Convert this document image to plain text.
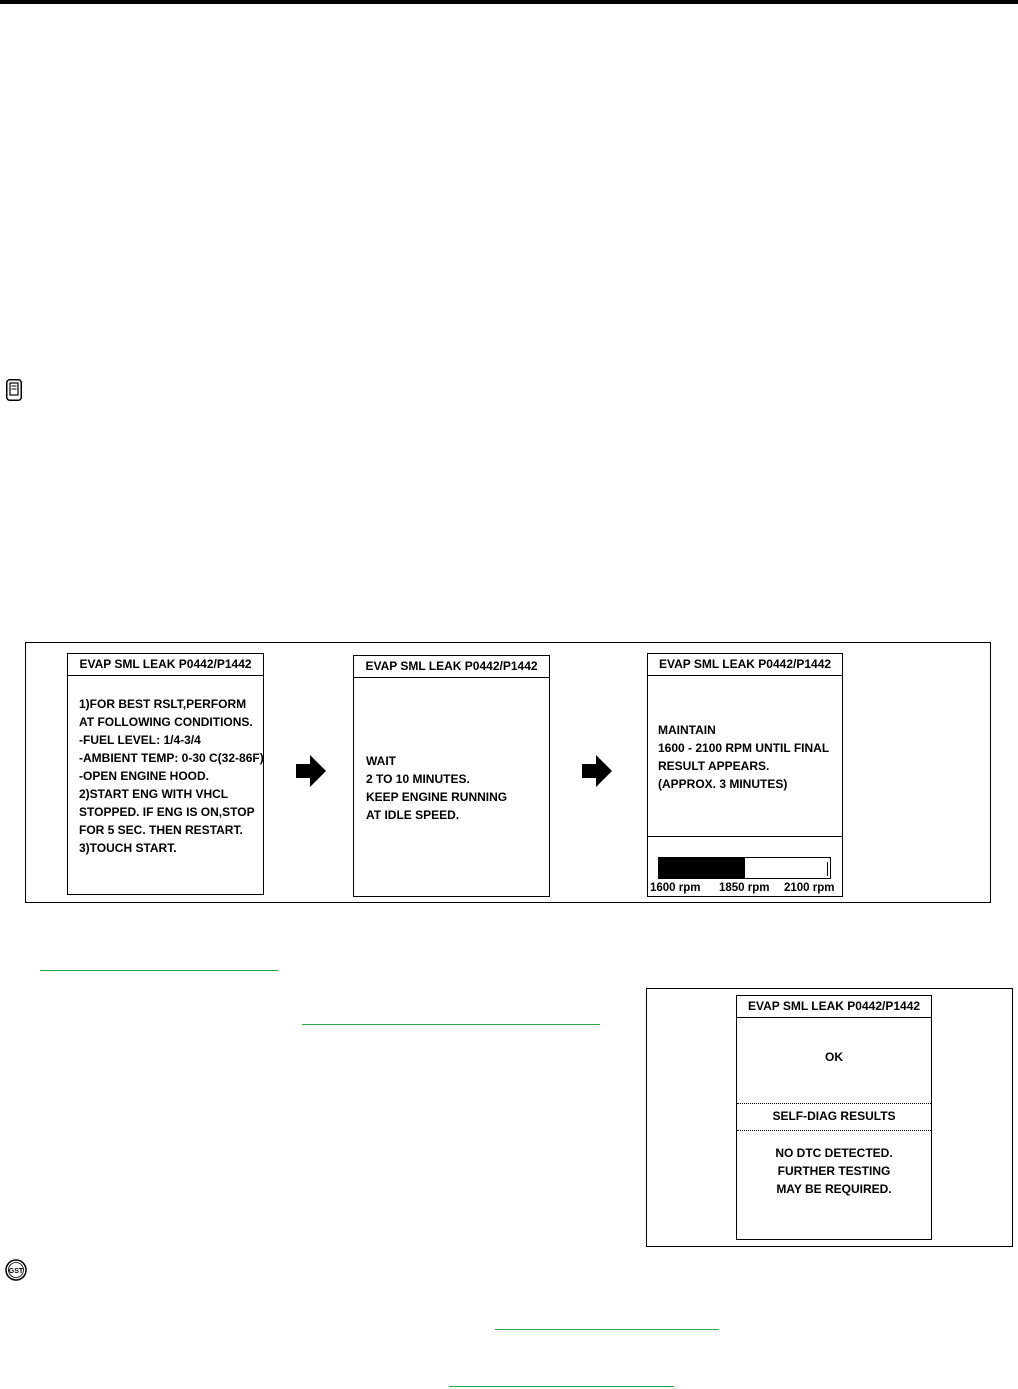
EVAP SML LEAK P0442/P1442
1)FOR BEST RSLT,PERFORM
AT FOLLOWING CONDITIONS.
-FUEL LEVEL: 1/4-3/4
-AMBIENT TEMP: 0-30 C(32-86F)
-OPEN ENGINE HOOD.
2)START ENG WITH VHCL
STOPPED. IF ENG IS ON,STOP
FOR 5 SEC. THEN RESTART.
3)TOUCH START.
EVAP SML LEAK P0442/P1442
WAIT
2 TO 10 MINUTES.
KEEP ENGINE RUNNING
AT IDLE SPEED.
EVAP SML LEAK P0442/P1442
MAINTAIN
1600 - 2100 RPM UNTIL FINAL
RESULT APPEARS.
(APPROX. 3 MINUTES)
1600 rpm 1850 rpm 2100 rpm
EVAP SML LEAK P0442/P1442
OK
SELF-DIAG RESULTS
NO DTC DETECTED.
FURTHER TESTING
MAY BE REQUIRED.
GST
